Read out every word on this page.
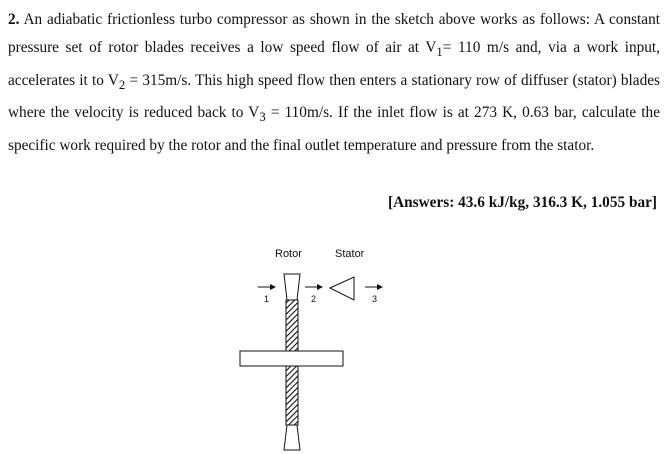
2. An adiabatic frictionless turbo compressor as shown in the sketch above works as follows: A constant pressure set of rotor blades receives a low speed flow of air at $V_1= 110$ m/s and, via a work input, accelerates it to $V_2 = 315m/s$. This high speed flow then enters a stationary row of diffuser (stator) blades where the velocity is reduced back to $V_3 = 110m/s$. If the inlet flow is at 273 K, 0.63 bar, calculate the specific work required by the rotor and the final outlet temperature and pressure from the stator.

[Answers: 43.6 kJ/kg, 316.3 K, 1.055 bar]

Rotor	Stator
1	2	3
